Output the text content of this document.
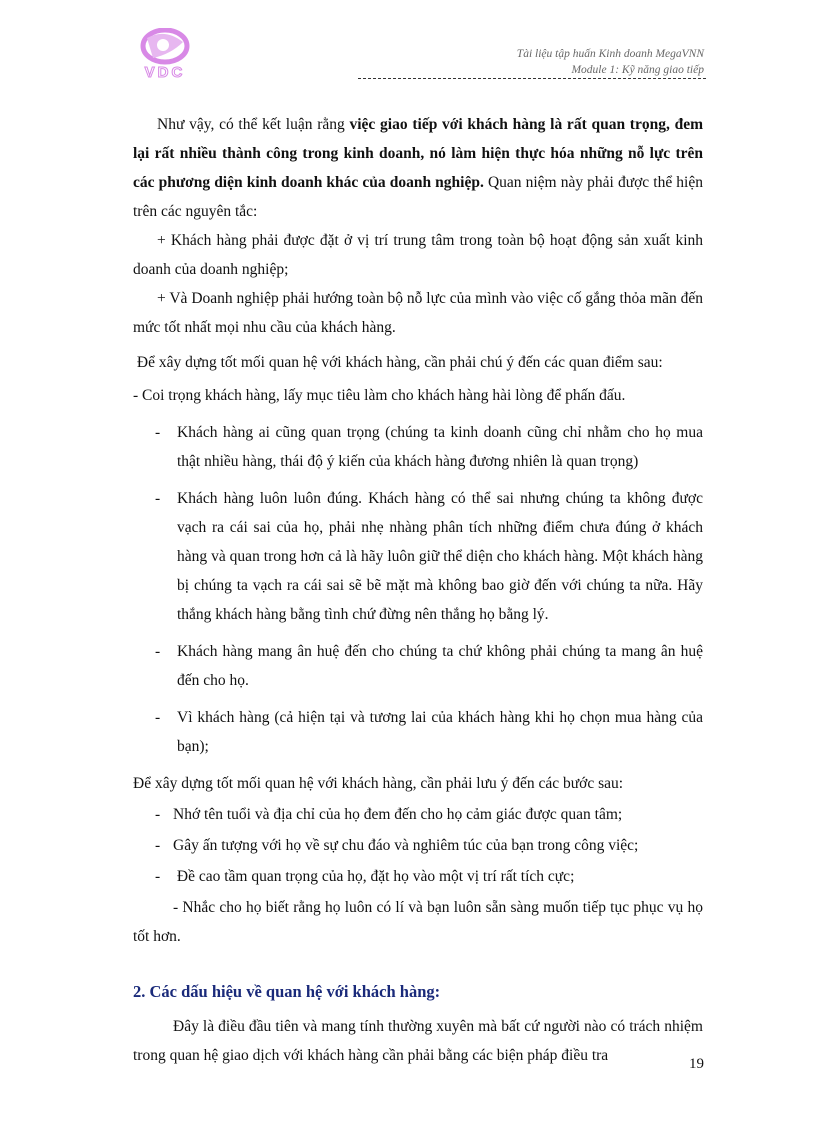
VDC
Tài liệu tập huấn Kinh doanh MegaVNN
Module 1: Kỹ năng giao tiếp

Như vậy, có thể kết luận rằng việc giao tiếp với khách hàng là rất quan trọng, đem lại rất nhiều thành công trong kinh doanh, nó làm hiện thực hóa những nỗ lực trên các phương diện kinh doanh khác của doanh nghiệp. Quan niệm này phải được thể hiện trên các nguyên tắc:

+ Khách hàng phải được đặt ở vị trí trung tâm trong toàn bộ hoạt động sản xuất kinh doanh của doanh nghiệp;

+ Và Doanh nghiệp phải hướng toàn bộ nỗ lực của mình vào việc cố gắng thỏa mãn đến mức tốt nhất mọi nhu cầu của khách hàng.

Để xây dựng tốt mối quan hệ với khách hàng, cần phải chú ý đến các quan điểm sau:

- Coi trọng khách hàng, lấy mục tiêu làm cho khách hàng hài lòng để phấn đấu.

- Khách hàng ai cũng quan trọng (chúng ta kinh doanh cũng chỉ nhằm cho họ mua thật nhiều hàng, thái độ ý kiến của khách hàng đương nhiên là quan trọng)
- Khách hàng luôn luôn đúng. Khách hàng có thể sai nhưng chúng ta không được vạch ra cái sai của họ, phải nhẹ nhàng phân tích những điểm chưa đúng ở khách hàng và quan trong hơn cả là hãy luôn giữ thể diện cho khách hàng. Một khách hàng bị chúng ta vạch ra cái sai sẽ bẽ mặt mà không bao giờ đến với chúng ta nữa. Hãy thắng khách hàng bằng tình chứ đừng nên thắng họ bằng lý.
- Khách hàng mang ân huệ đến cho chúng ta chứ không phải chúng ta mang ân huệ đến cho họ.
- Vì khách hàng (cả hiện tại và tương lai của khách hàng khi họ chọn mua hàng của bạn);

Để xây dựng tốt mối quan hệ với khách hàng, cần phải lưu ý đến các bước sau:

- Nhớ tên tuổi và địa chỉ của họ đem đến cho họ cảm giác được quan tâm;
- Gây ấn tượng với họ về sự chu đáo và nghiêm túc của bạn trong công việc;
- Đề cao tầm quan trọng của họ, đặt họ vào một vị trí rất tích cực;

- Nhắc cho họ biết rằng họ luôn có lí và bạn luôn sẵn sàng muốn tiếp tục phục vụ họ tốt hơn.

2. Các dấu hiệu về quan hệ với khách hàng:

Đây là điều đầu tiên và mang tính thường xuyên mà bất cứ người nào có trách nhiệm trong quan hệ giao dịch với khách hàng cần phải bằng các biện pháp điều tra	19
